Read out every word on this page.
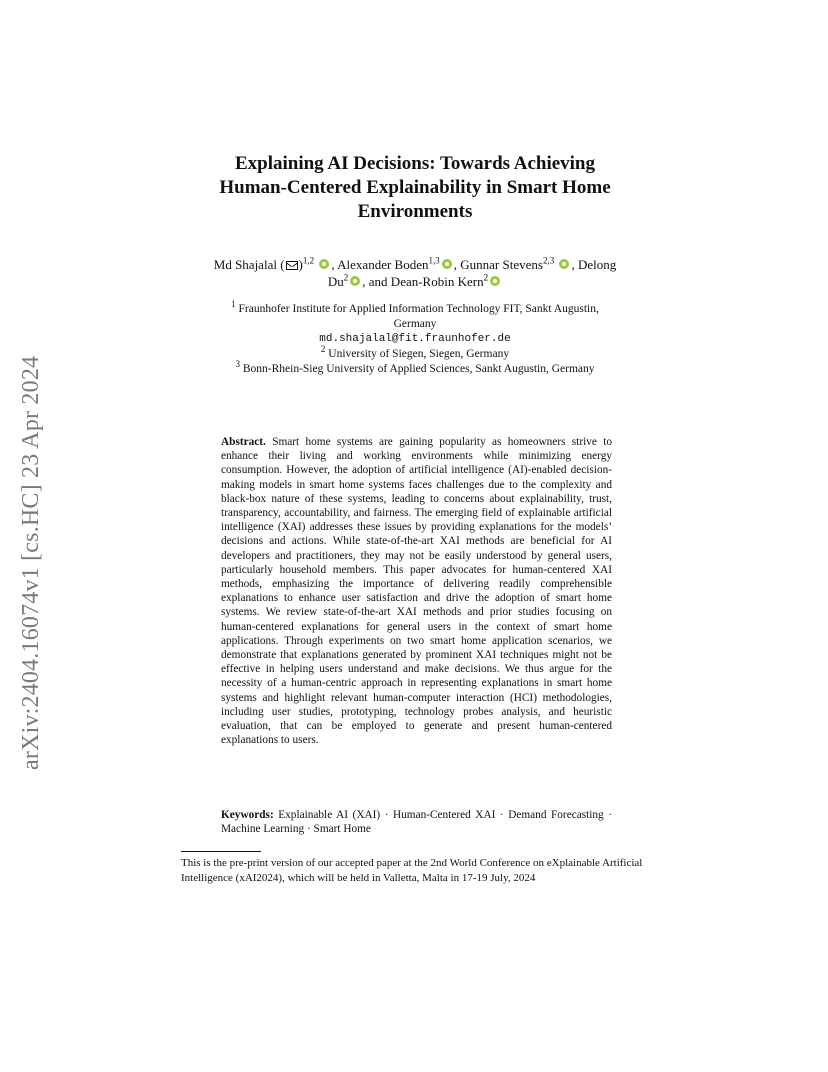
arXiv:2404.16074v1 [cs.HC] 23 Apr 2024
Explaining AI Decisions: Towards Achieving
Human-Centered Explainability in Smart Home
Environments
Md Shajalal ( )$^{1,2}$ , Alexander Boden$^{1,3}$ , Gunnar Stevens$^{2,3}$ , Delong
Du$^2$ , and Dean-Robin Kern$^2$
$^1$ Fraunhofer Institute for Applied Information Technology FIT, Sankt Augustin,
Germany
md.shajalal@fit.fraunhofer.de
$^2$ University of Siegen, Siegen, Germany
$^3$ Bonn-Rhein-Sieg University of Applied Sciences, Sankt Augustin, Germany
Abstract. Smart home systems are gaining popularity as homeowners strive to enhance their living and working environments while minimizing energy consumption. However, the adoption of artificial intelligence (AI)-enabled decision-making models in smart home systems faces challenges due to the complexity and black-box nature of these systems, leading to concerns about explainability, trust, transparency, accountability, and fairness. The emerging field of explainable artificial intelligence (XAI) addresses these issues by providing explanations for the models’ decisions and actions. While state-of-the-art XAI methods are beneficial for AI developers and practitioners, they may not be easily understood by general users, particularly household members. This paper advocates for human-centered XAI methods, emphasizing the importance of delivering readily comprehensible explanations to enhance user satisfaction and drive the adoption of smart home systems. We review state-of-the-art XAI methods and prior studies focusing on human-centered explanations for general users in the context of smart home applications. Through experiments on two smart home application scenarios, we demonstrate that explanations generated by prominent XAI techniques might not be effective in helping users understand and make decisions. We thus argue for the necessity of a human-centric approach in representing explanations in smart home systems and highlight relevant human-computer interaction (HCI) methodologies, including user studies, prototyping, technology probes analysis, and heuristic evaluation, that can be employed to generate and present human-centered explanations to users.
Keywords: Explainable AI (XAI) · Human-Centered XAI · Demand Forecasting · Machine Learning · Smart Home
This is the pre-print version of our accepted paper at the 2nd World Conference on eXplainable Artificial Intelligence (xAI2024), which will be held in Valletta, Malta in 17-19 July, 2024
